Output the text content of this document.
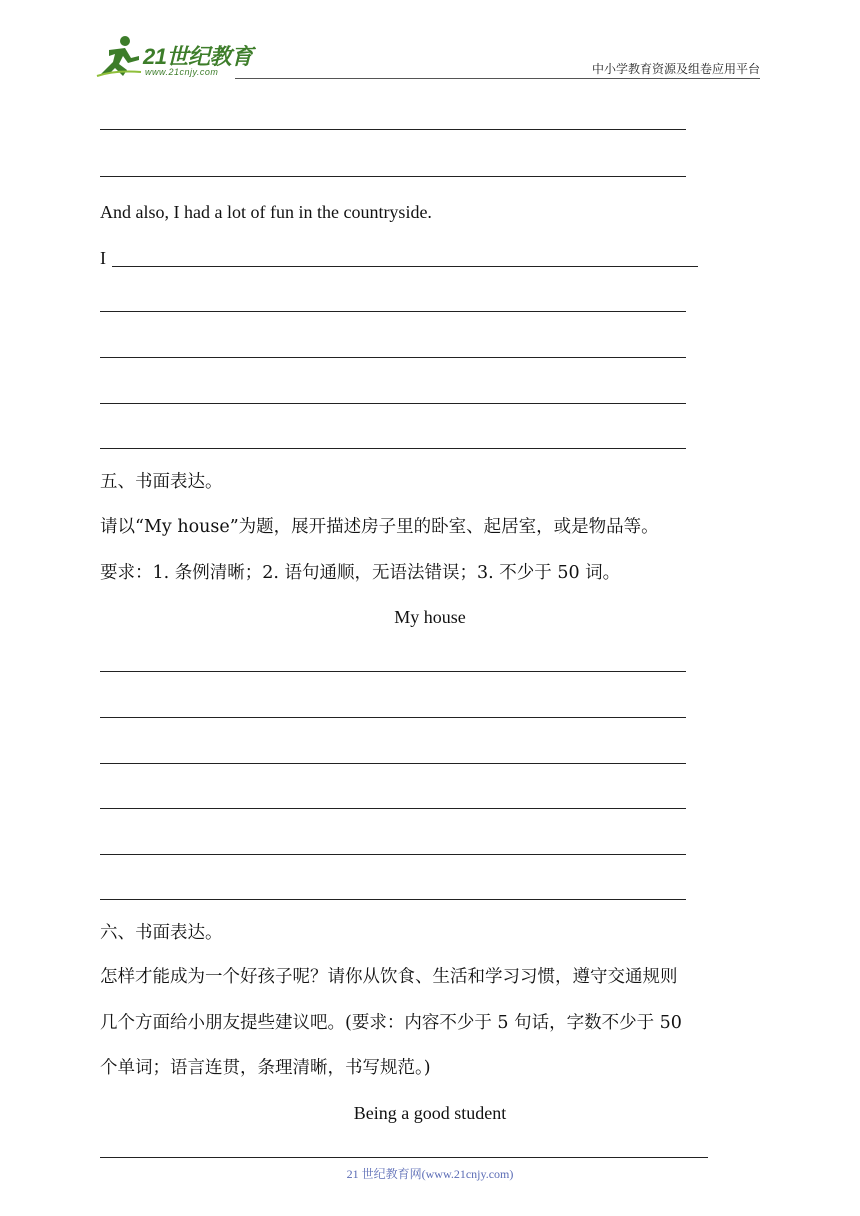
21世纪教育
www.21cnjy.com	中小学教育资源及组卷应用平台
And also, I had a lot of fun in the countryside.
I
五、书面表达。
请以“My house”为题，展开描述房子里的卧室、起居室，或是物品等。
要求：1. 条例清晰；2. 语句通顺，无语法错误；3. 不少于 50 词。
My house
六、书面表达。
怎样才能成为一个好孩子呢？请你从饮食、生活和学习习惯，遵守交通规则
几个方面给小朋友提些建议吧。(要求：内容不少于 5 句话，字数不少于 50
个单词；语言连贯，条理清晰，书写规范。)
Being a good student
21 世纪教育网(www.21cnjy.com)
